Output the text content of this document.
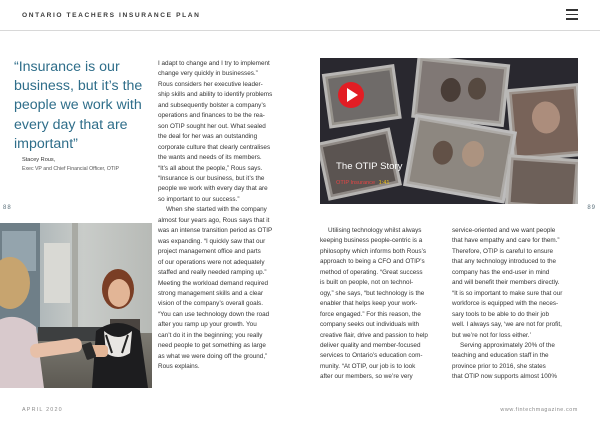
ONTARIO TEACHERS INSURANCE PLAN
“Insurance is our business, but it’s the people we work with every day that are important”
Stacey Rous,
Exec VP and Chief Financial Officer, OTIP
88	89
I adapt to change and I try to implement
change very quickly in businesses.”
Rous considers her executive leader-
ship skills and ability to identify problems
and subsequently bolster a company’s
operations and finances to be the rea-
son OTIP sought her out. What sealed
the deal for her was an outstanding
corporate culture that clearly centralises
the wants and needs of its members.
“It’s all about the people,” Rous says.
“Insurance is our business, but it’s the
people we work with every day that are
so important to our success.”
When she started with the company
almost four years ago, Rous says that it
was an intense transition period as OTIP
was expanding. “I quickly saw that our
project management office and parts
of our operations were not adequately
staffed and really needed ramping up.”
Meeting the workload demand required
strong management skills and a clear
vision of the company’s overall goals.
“You can use technology down the road
after you ramp up your growth. You
can’t do it in the beginning; you really
need people to get something as large
as what we were doing off the ground,”
Rous explains.
The OTIP Story
OTIP Insurance 1:41
Utilising technology whilst always
keeping business people-centric is a
philosophy which informs both Rous’s
approach to being a CFO and OTIP’s
method of operating. “Great success
is built on people, not on technol-
ogy,” she says, “but technology is the
enabler that helps keep your work-
force engaged.” For this reason, the
company seeks out individuals with
creative flair, drive and passion to help
deliver quality and member-focused
services to Ontario’s education com-
munity. “At OTIP, our job is to look
after our members, so we’re very
service-oriented and we want people
that have empathy and care for them.”
Therefore, OTIP is careful to ensure
that any technology introduced to the
company has the end-user in mind
and will benefit their members directly.
“It is so important to make sure that our
workforce is equipped with the neces-
sary tools to be able to do their job
well. I always say, ‘we are not for profit,
but we’re not for loss either.’
Serving approximately 20% of the
teaching and education staff in the
province prior to 2016, she states
that OTIP now supports almost 100%
APRIL 2020	www.fintechmagazine.com
